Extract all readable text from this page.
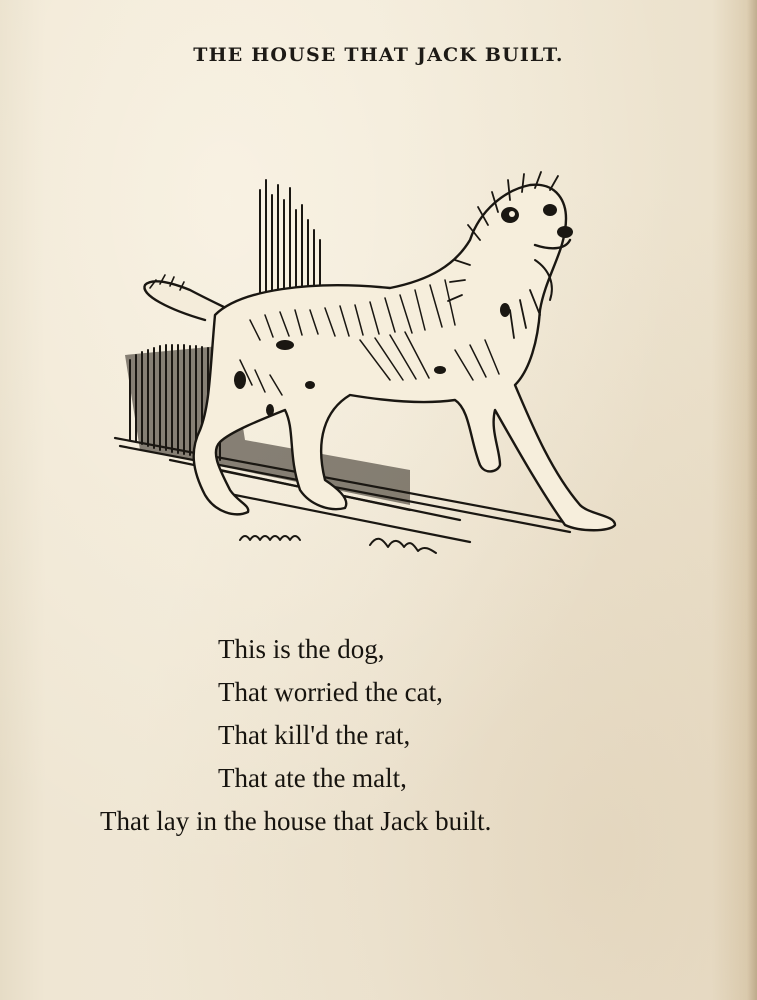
THE HOUSE THAT JACK BUILT.
This is the dog,
That worried the cat,
That kill'd the rat,
That ate the malt,
That lay in the house that Jack built.
